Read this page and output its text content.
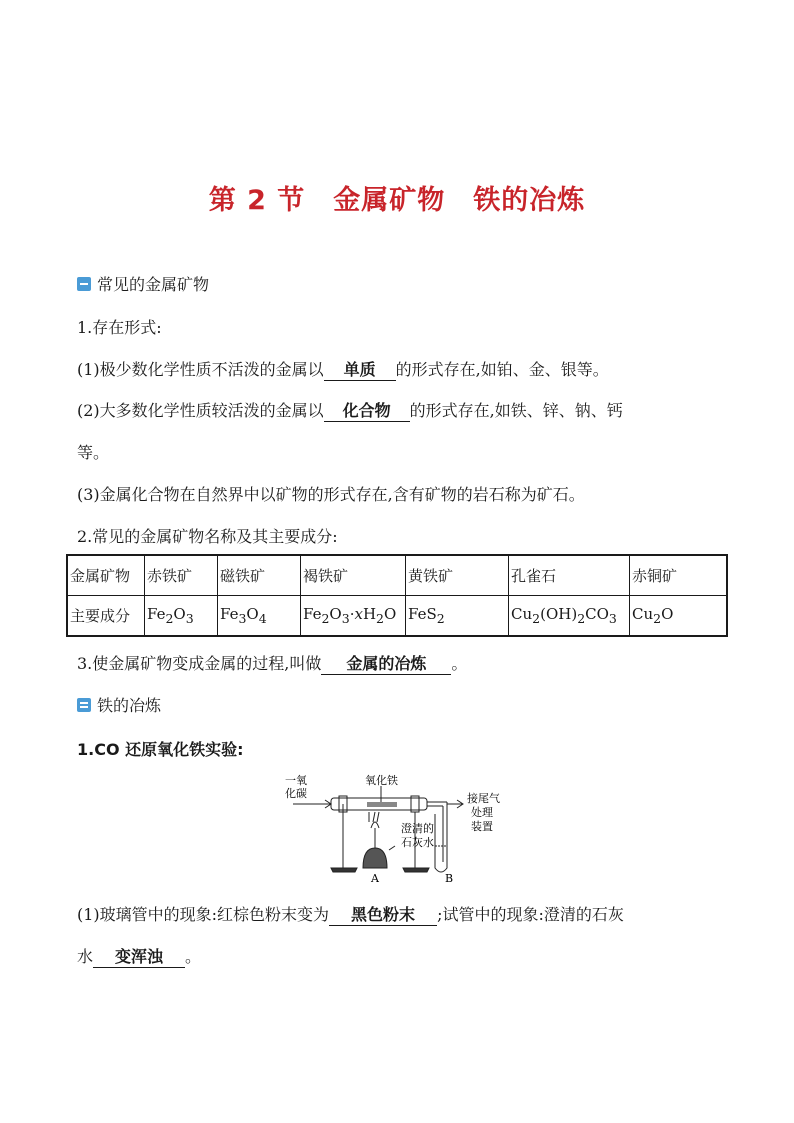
第 2 节 金属矿物 铁的冶炼
常见的金属矿物
1.存在形式:
(1)极少数化学性质不活泼的金属以 单质 的形式存在,如铂、金、银等。
(2)大多数化学性质较活泼的金属以 化合物 的形式存在,如铁、锌、钠、钙
等。
(3)金属化合物在自然界中以矿物的形式存在,含有矿物的岩石称为矿石。
2.常见的金属矿物名称及其主要成分:
金属矿物	赤铁矿	磁铁矿	褐铁矿	黄铁矿	孔雀石	赤铜矿
主要成分	$Fe_2O_3$	$Fe_3O_4$	$Fe_2O_3\cdot xH_2O$	FeS$_2$	$Cu_2(OH)_2CO_3$	$Cu_2O$
3.使金属矿物变成金属的过程,叫做 金属的冶炼 。
铁的冶炼
1.CO 还原氧化铁实验:
一氧
化碳
氧化铁
接尾气
处理
装置
澄清的
石灰水
A	B
(1)玻璃管中的现象:红棕色粉末变为 黑色粉末 ;试管中的现象:澄清的石灰
水 变浑浊 。
